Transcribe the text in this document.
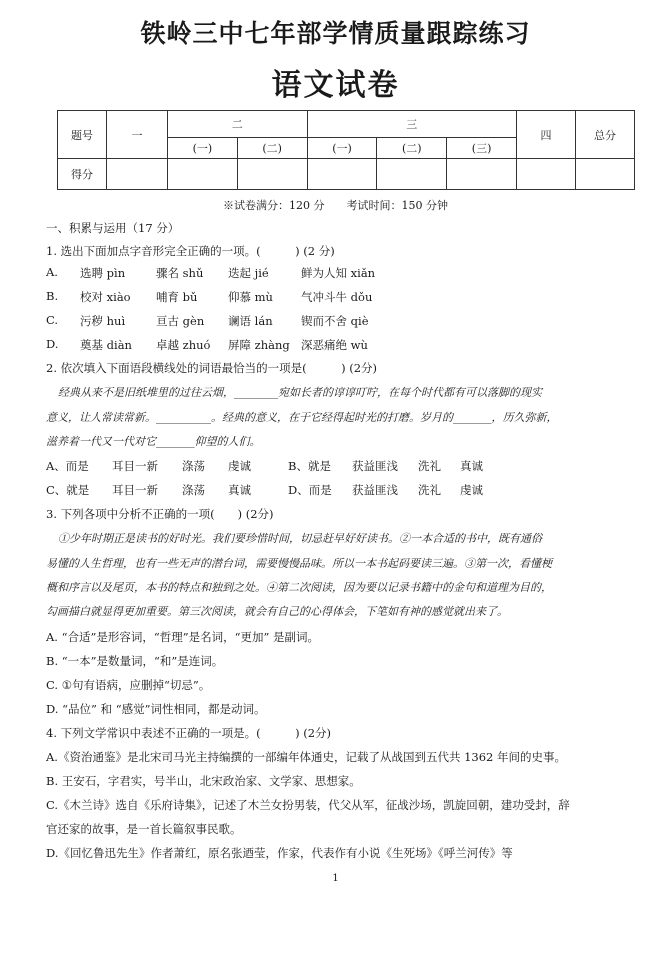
铁岭三中七年部学情质量跟踪练习
语文试卷
题号	一	二		三			四	总分
		(一)	(二)	(一)	(二)	(三)		
得分								
※试卷满分：120 分　　考试时间：150 分钟
一、积累与运用（17 分）
1. 选出下面加点字音形完全正确的一项。(　　　) (2 分)
A. 选聘 pìn	骤名 shǔ 迭起 jié	鲜为人知 xiǎn
B. 校对 xiào 哺育 bǔ	仰慕 mù 气冲斗牛 dǒu
C. 污秽 huì	亘古 gèn 谰语 lán 锲而不舍 qiè
D. 奠基 diàn 卓越 zhuó 屏障 zhàng 深恶痛绝 wù
2. 依次填入下面语段横线处的词语最恰当的一项是(　　　) (2分)
经典从来不是旧纸堆里的过往云烟，________宛如长者的谆谆叮咛，在每个时代都有可以落脚的现实
意义，让人常读常新。__________。经典的意义，在于它经得起时光的打磨。岁月的_______，历久弥新，
滋养着一代又一代对它_______仰望的人们。
A、而是 耳目一新 涤荡 虔诚	B、就是 获益匪浅 洗礼 真诚
C、就是 耳目一新 涤荡 真诚	D、而是 获益匪浅 洗礼 虔诚
3. 下列各项中分析不正确的一项(　　) (2分)
①少年时期正是读书的好时光。我们要珍惜时间，切忌赶早好好读书。②一本合适的书中，既有通俗
易懂的人生哲理，也有一些无声的潜台词，需要慢慢品味。所以一本书起码要读三遍。③第一次，看懂梗
概和序言以及尾页，本书的特点和独到之处。④第二次阅读，因为要以记录书籍中的金句和道理为目的，
勾画描白就显得更加重要。第三次阅读，就会有自己的心得体会，下笔如有神的感觉就出来了。
A. “合适”是形容词，“哲理”是名词，“更加” 是副词。
B. “一本”是数量词，“和”是连词。
C. ①句有语病，应删掉“切忌”。
D. “品位” 和 “感觉”词性相同，都是动词。
4. 下列文学常识中表述不正确的一项是。(　　　) (2分)
A.《资治通鉴》是北宋司马光主持编撰的一部编年体通史，记载了从战国到五代共 1362 年间的史事。
B. 王安石，字君实，号半山，北宋政治家、文学家、思想家。
C.《木兰诗》选自《乐府诗集》，记述了木兰女扮男装，代父从军，征战沙场，凯旋回朝，建功受封，辞
官还家的故事，是一首长篇叙事民歌。
D.《回忆鲁迅先生》作者萧红，原名张迺莹，作家，代表作有小说《生死场》《呼兰河传》等
1
